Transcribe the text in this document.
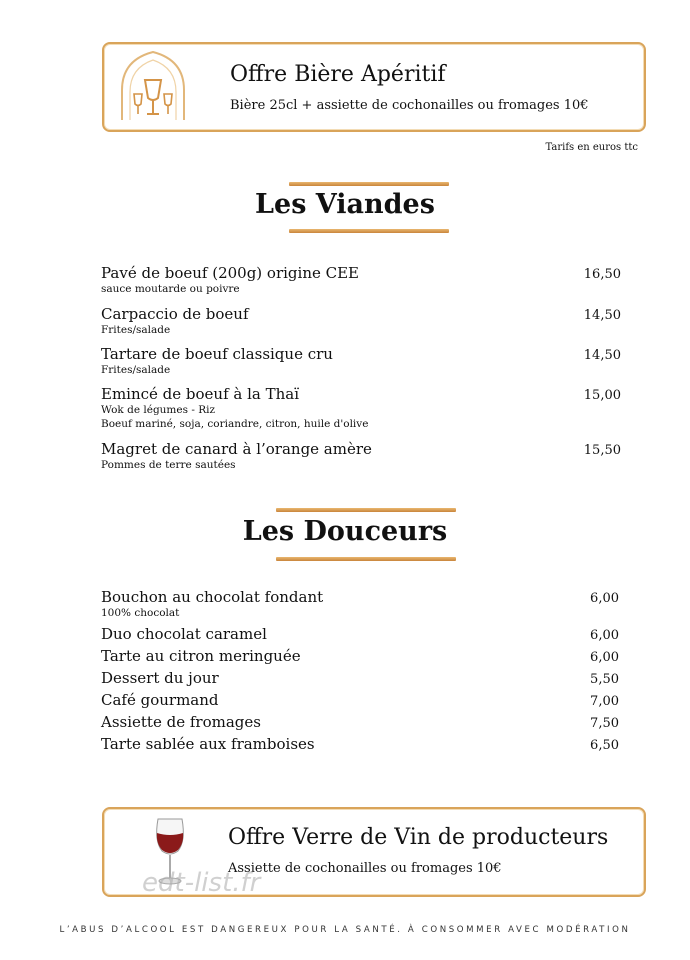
Offre Bière Apéritif
Bière 25cl + assiette de cochonailles ou fromages 10€
Tarifs en euros ttc
Les Viandes
Pavé de boeuf (200g) origine CEE
sauce moutarde ou poivre
16,50
Carpaccio de boeuf
Frites/salade
14,50
Tartare de boeuf classique cru
Frites/salade
14,50
Emincé de boeuf à la Thaï
Wok de légumes - Riz
Boeuf mariné, soja, coriandre, citron, huile d'olive
15,00
Magret de canard à l’orange amère
Pommes de terre sautées
15,50
Les Douceurs
Bouchon au chocolat fondant
100% chocolat
6,00
Duo chocolat caramel	6,00
Tarte au citron meringuée	6,00
Dessert du jour	5,50
Café gourmand	7,00
Assiette de fromages	7,50
Tarte sablée aux framboises	6,50
Offre Verre de Vin de producteurs
Assiette de cochonailles ou fromages 10€
edt-list.fr
L’ABUS D’ALCOOL EST DANGEREUX POUR LA SANTÉ. À CONSOMMER AVEC MODÉRATION
